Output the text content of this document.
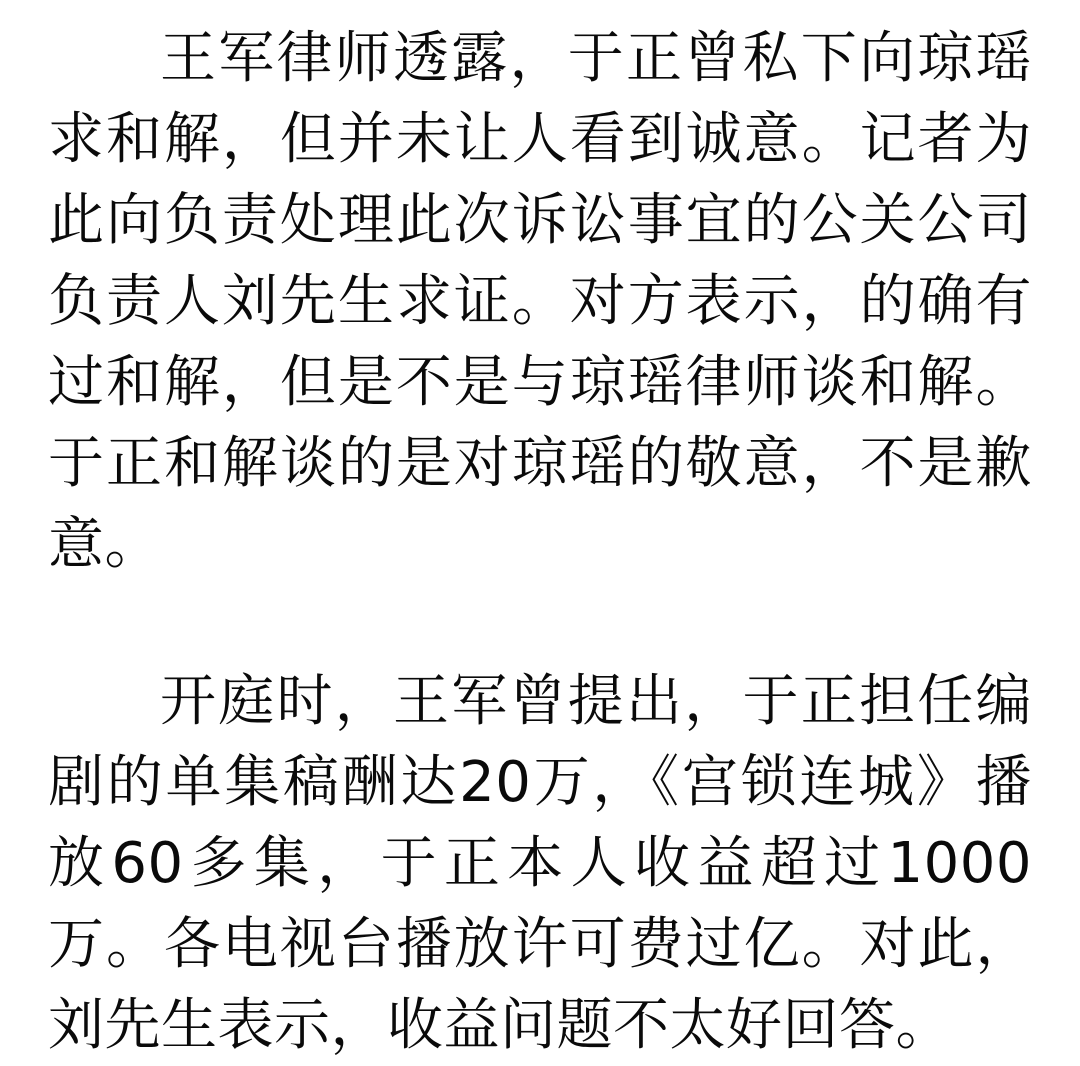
王军律师透露，于正曾私下向琼瑶求和解，但并未让人看到诚意。记者为此向负责处理此次诉讼事宜的公关公司负责人刘先生求证。对方表示，的确有过和解，但是不是与琼瑶律师谈和解。于正和解谈的是对琼瑶的敬意，不是歉意。

开庭时，王军曾提出，于正担任编剧的单集稿酬达20万，《宫锁连城》播放60多集，于正本人收益超过1000万。各电视台播放许可费过亿。对此，刘先生表示，收益问题不太好回答。
